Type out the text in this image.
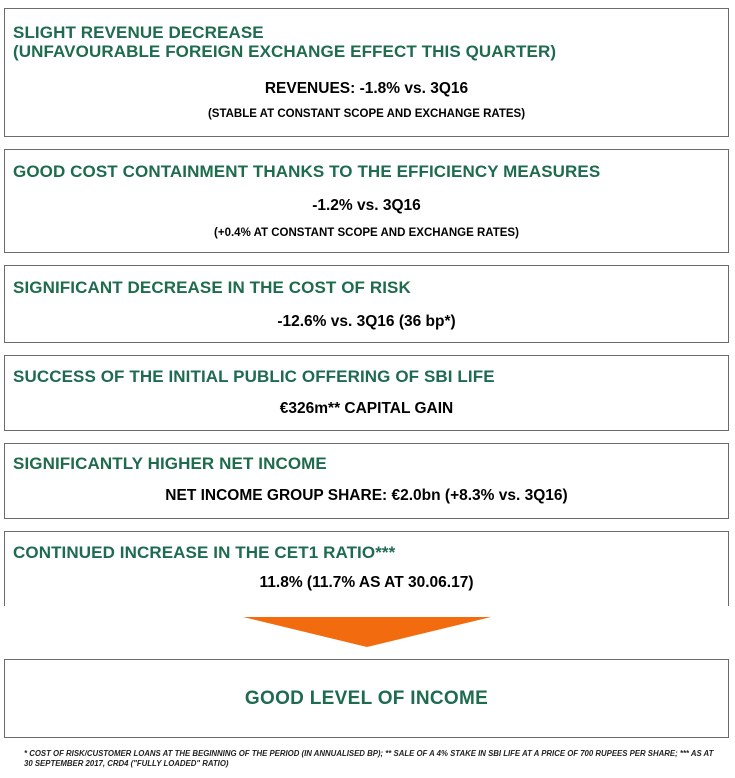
SLIGHT REVENUE DECREASE
(UNFAVOURABLE FOREIGN EXCHANGE EFFECT THIS QUARTER)
REVENUES: -1.8% vs. 3Q16
(STABLE AT CONSTANT SCOPE AND EXCHANGE RATES)
GOOD COST CONTAINMENT THANKS TO THE EFFICIENCY MEASURES
-1.2% vs. 3Q16
(+0.4% AT CONSTANT SCOPE AND EXCHANGE RATES)
SIGNIFICANT DECREASE IN THE COST OF RISK
-12.6% vs. 3Q16 (36 bp*)
SUCCESS OF THE INITIAL PUBLIC OFFERING OF SBI LIFE
€326m** CAPITAL GAIN
SIGNIFICANTLY HIGHER NET INCOME
NET INCOME GROUP SHARE: €2.0bn (+8.3% vs. 3Q16)
CONTINUED INCREASE IN THE CET1 RATIO***
11.8% (11.7% AS AT 30.06.17)
GOOD LEVEL OF INCOME
* COST OF RISK/CUSTOMER LOANS AT THE BEGINNING OF THE PERIOD (IN ANNUALISED BP); ** SALE OF A 4% STAKE IN SBI LIFE AT A PRICE OF 700 RUPEES PER SHARE; *** AS AT 30 SEPTEMBER 2017, CRD4 ("FULLY LOADED" RATIO)
